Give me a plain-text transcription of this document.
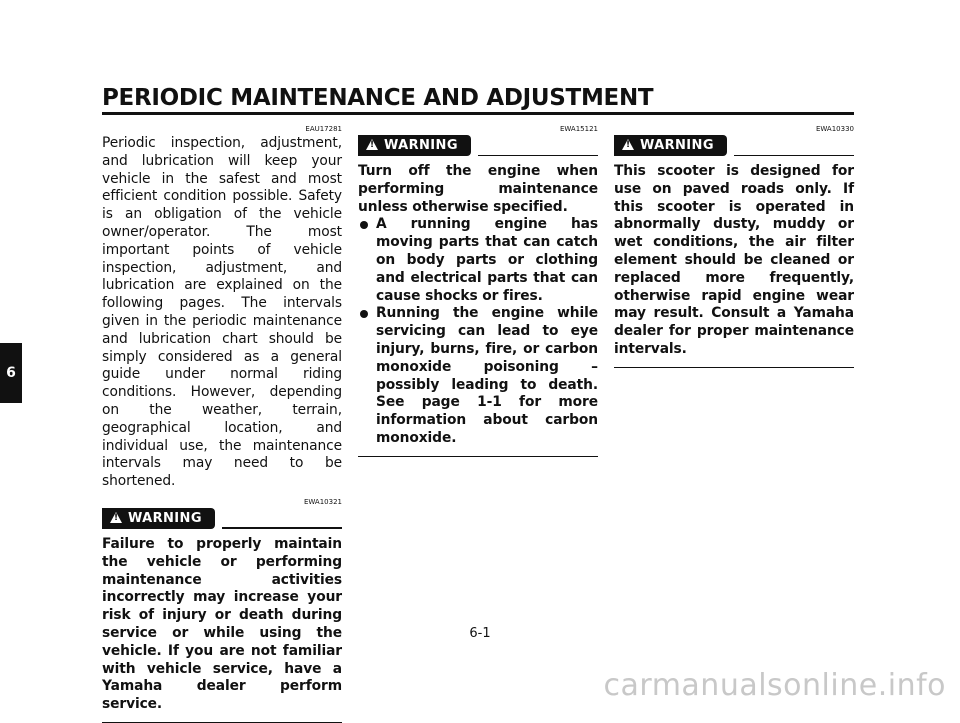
PERIODIC MAINTENANCE AND ADJUSTMENT
6
EAU17281

Periodic inspection, adjustment, and lubrication will keep your vehicle in the safest and most efficient condition possible. Safety is an obligation of the vehicle owner/operator. The most important points of vehicle inspection, adjustment, and lubrication are explained on the following pages. The intervals given in the periodic maintenance and lubrication chart should be simply considered as a general guide under normal riding conditions. However, depending on the weather, terrain, geographical location, and individual use, the maintenance intervals may need to be shortened.

EWA10321
!
WARNING

Failure to properly maintain the vehicle or performing maintenance activities incorrectly may increase your risk of injury or death during service or while using the vehicle. If you are not familiar with vehicle service, have a Yamaha dealer perform service.

EWA15121
!
WARNING

Turn off the engine when performing maintenance unless otherwise specified.

A running engine has moving parts that can catch on body parts or clothing and electrical parts that can cause shocks or fires.
Running the engine while servicing can lead to eye injury, burns, fire, or carbon monoxide poisoning – possibly leading to death. See page 1-1 for more information about carbon monoxide.
EWA10330
!
WARNING

This scooter is designed for use on paved roads only. If this scooter is operated in abnormally dusty, muddy or wet conditions, the air filter element should be cleaned or replaced more frequently, otherwise rapid engine wear may result. Consult a Yamaha dealer for proper maintenance intervals.

6-1
carmanualsonline.info
